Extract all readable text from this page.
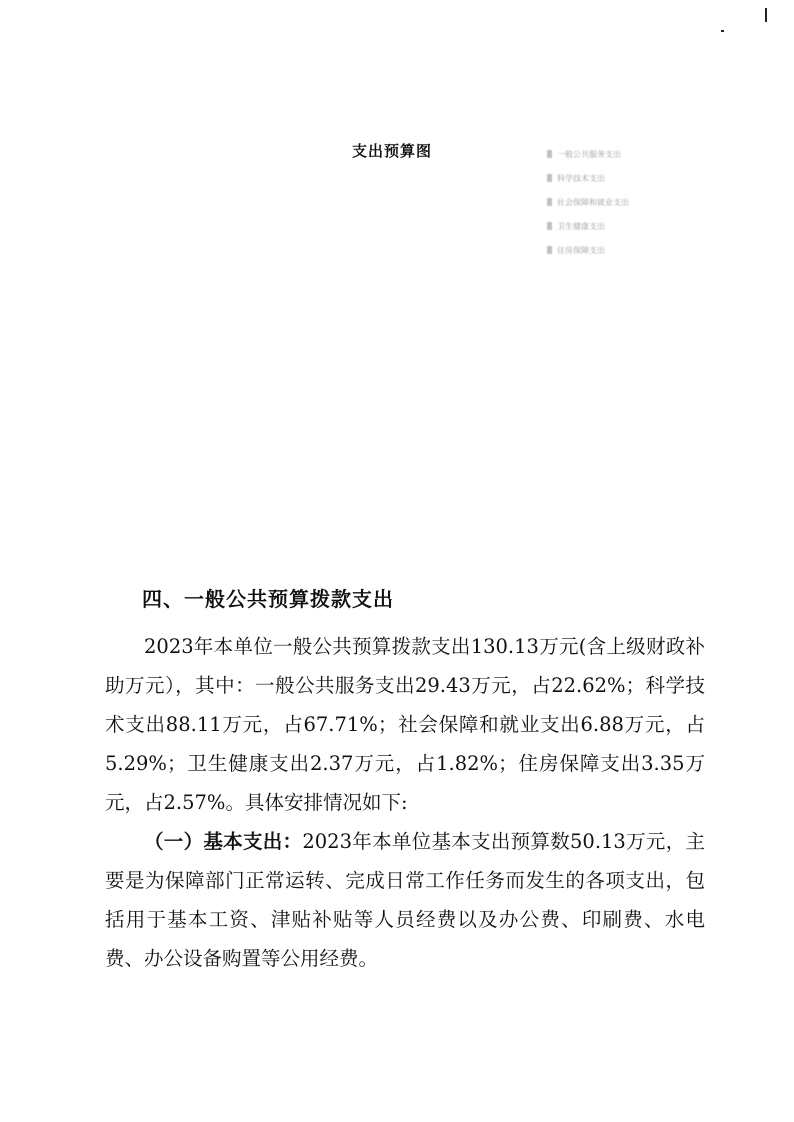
支出预算图	一般公共服务支出
科学技术支出
社会保障和就业支出
卫生健康支出
住房保障支出
·
·
··
·
· ·
四、一般公共预算拨款支出

2023年本单位一般公共预算拨款支出130.13万元(含上级财政补助万元），其中：一般公共服务支出29.43万元，占22.62%；科学技术支出88.11万元，占67.71%；社会保障和就业支出6.88万元，占5.29%；卫生健康支出2.37万元，占1.82%；住房保障支出3.35万元，占2.57%。具体安排情况如下:

（一）基本支出：2023年本单位基本支出预算数50.13万元，主要是为保障部门正常运转、完成日常工作任务而发生的各项支出，包括用于基本工资、津贴补贴等人员经费以及办公费、印刷费、水电费、办公设备购置等公用经费。
